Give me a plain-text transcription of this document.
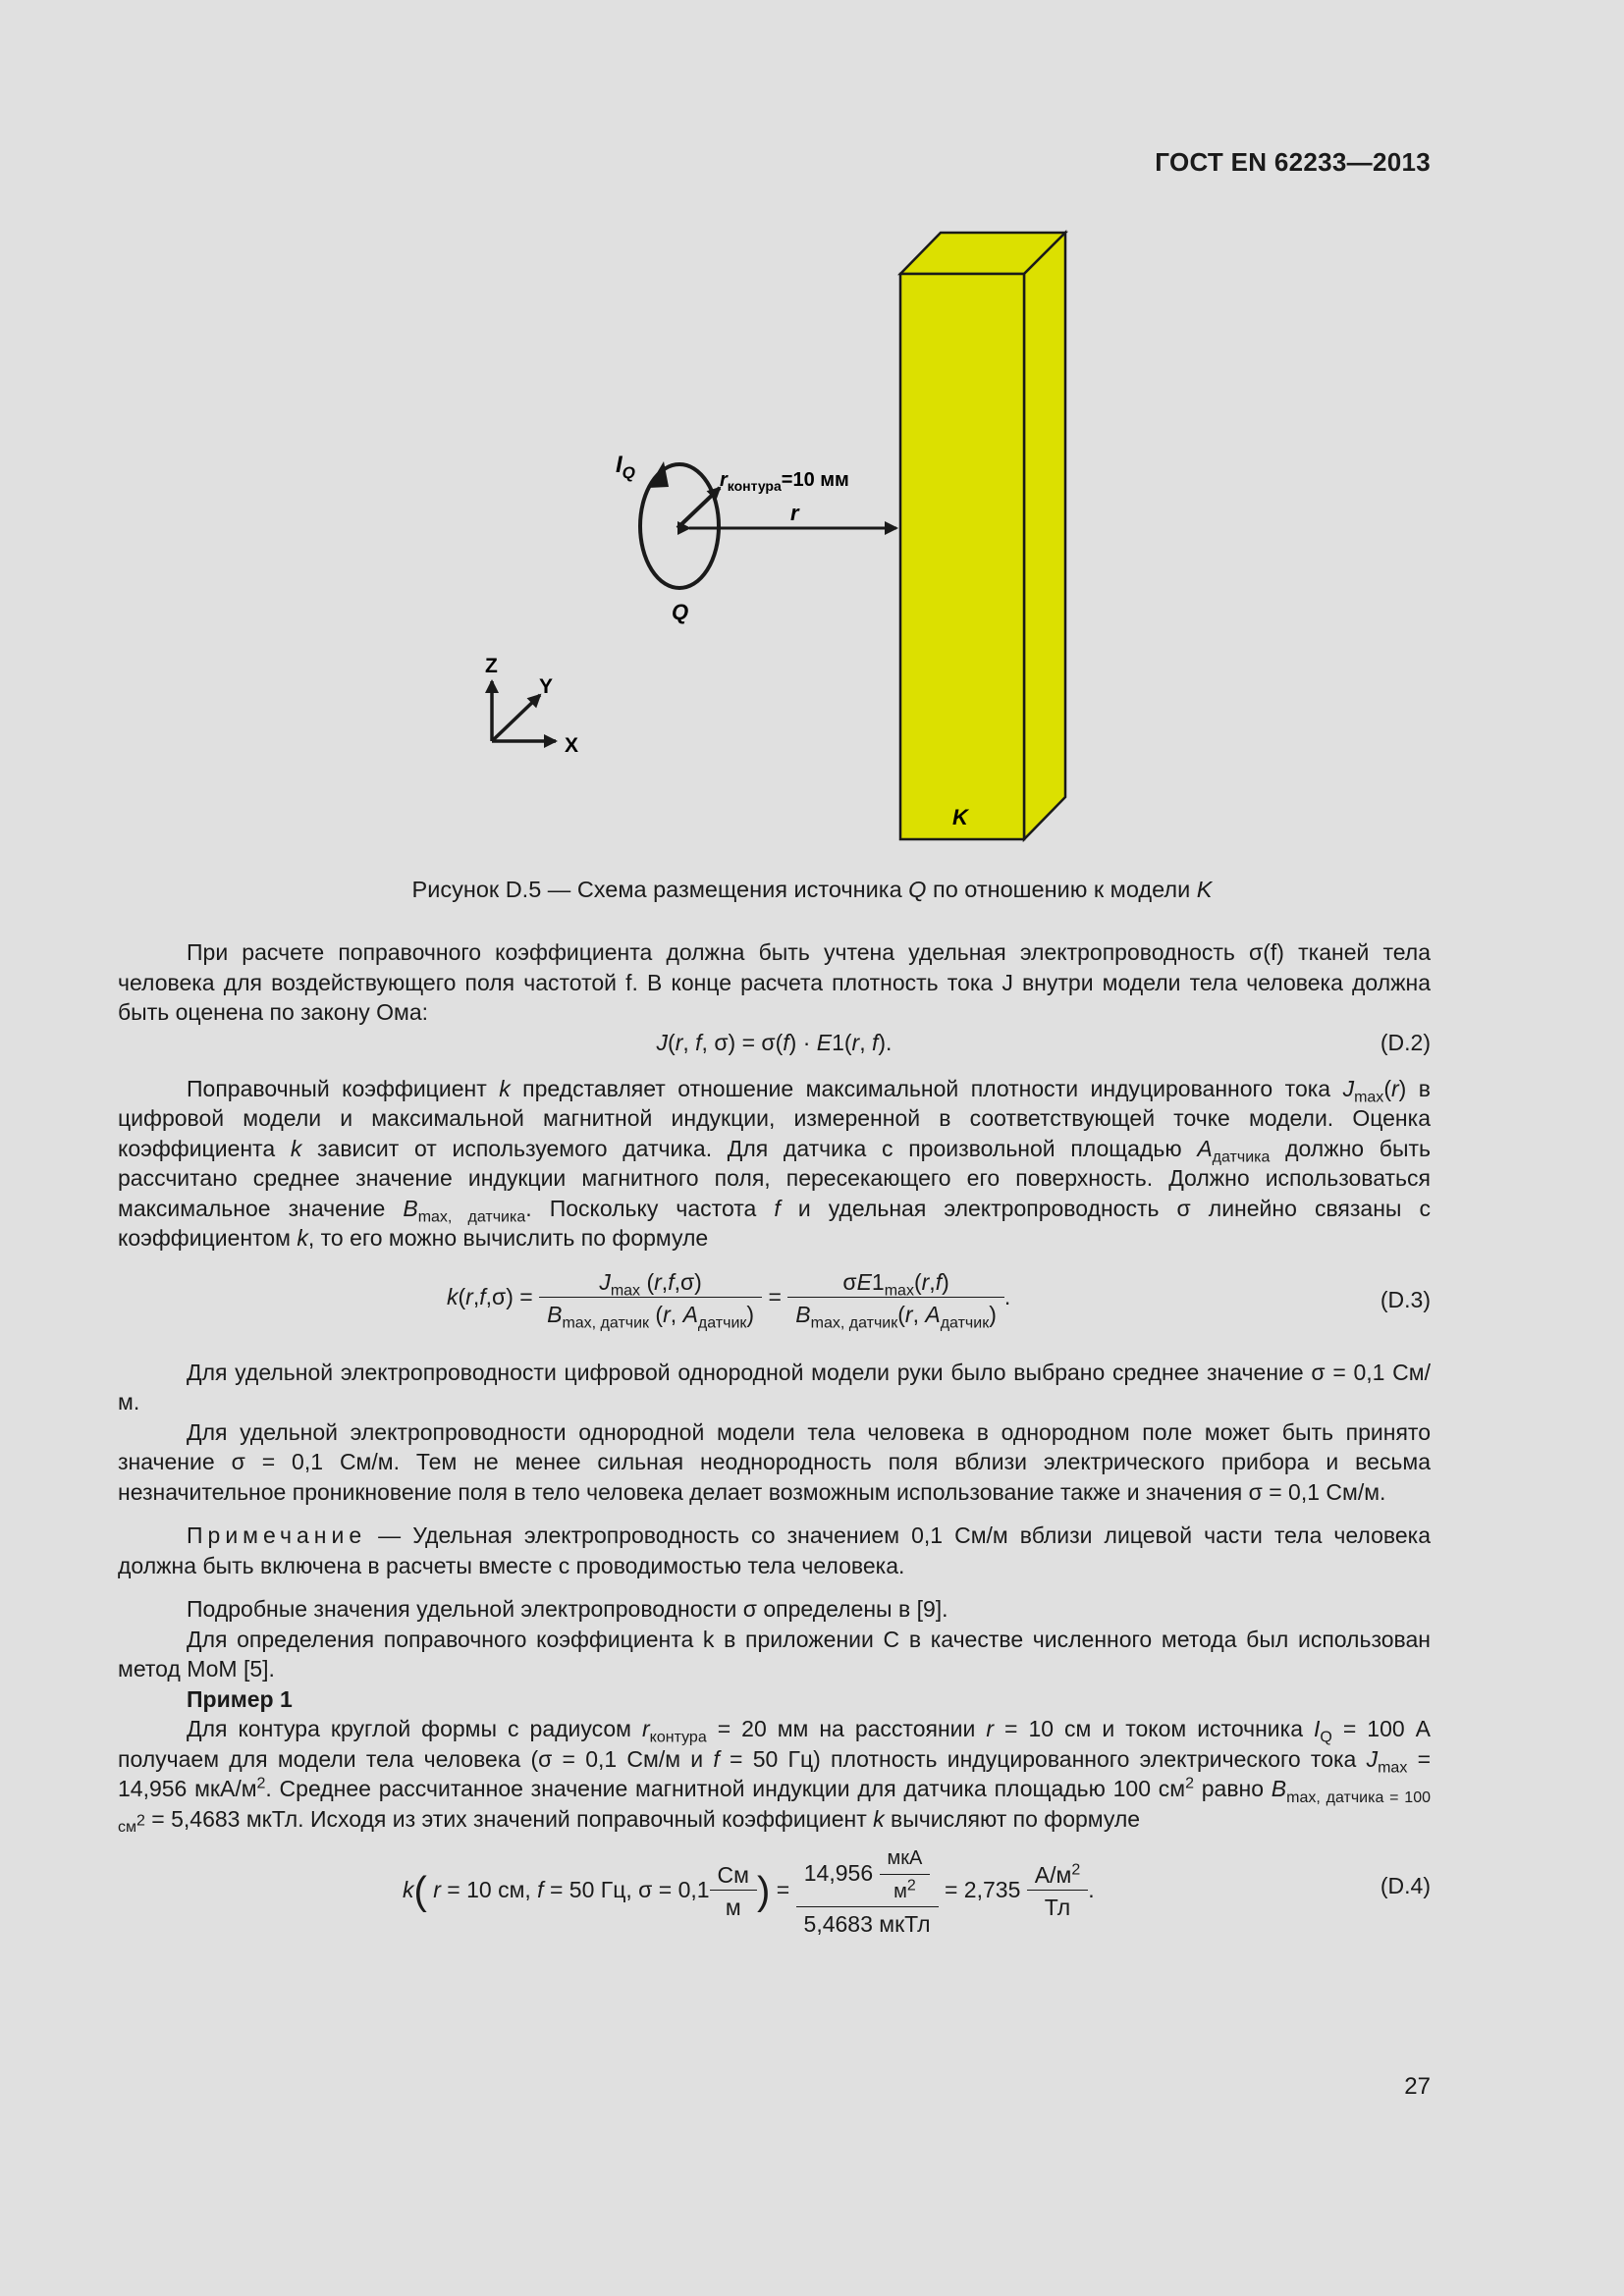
ГОСТ EN 62233—2013
K
$I_Q$	$r_{контура}=10$ мм
r
Q
Z
Y
X
Рисунок D.5 — Схема размещения источника Q по отношению к модели K

При расчете поправочного коэффициента должна быть учтена удельная электропроводность σ(f) тканей тела человека для воздействующего поля частотой f. В конце расчета плотность тока J внутри модели тела человека должна быть оценена по закону Ома:

J(r, f, σ) = σ(f) · E1(r, f).	(D.2)

Поправочный коэффициент k представляет отношение максимальной плотности индуцированного тока $J_{max}(r)$ в цифровой модели и максимальной магнитной индукции, измеренной в соответствующей точке модели. Оценка коэффициента k зависит от используемого датчика. Для датчика с произвольной площадью $A_{датчика}$ должно быть рассчитано среднее значение индукции магнитного поля, пересекающего его поверхность. Должно использоваться максимальное значение $B_{max, датчика}$. Поскольку частота f и удельная электропроводность σ линейно связаны с коэффициентом k, то его можно вычислить по формуле

$k(r,f,\sigma) = \frac{J_{max} (r,f,\sigma)}{B_{max, датчик} (r, A_{датчик})} = \frac{\sigma E1_{max}(r,f)}{B_{max, датчик}(r, A_{датчик})}$ .	(D.3)

Для удельной электропроводности цифровой однородной модели руки было выбрано среднее значение σ = 0,1 См/м.

Для удельной электропроводности однородной модели тела человека в однородном поле может быть принято значение σ = 0,1 См/м. Тем не менее сильная неоднородность поля вблизи электрического прибора и весьма незначительное проникновение поля в тело человека делает возможным использование также и значения σ = 0,1 См/м.

Примечание — Удельная электропроводность со значением 0,1 См/м вблизи лицевой части тела человека должна быть включена в расчеты вместе с проводимостью тела человека.

Подробные значения удельной электропроводности σ определены в [9].

Для определения поправочного коэффициента k в приложении С в качестве численного метода был использован метод МоМ [5].

Пример 1

Для контура круглой формы с радиусом $r_{контура} = 20$ мм на расстоянии r = 10 см и током источника $I_Q = 100$ А получаем для модели тела человека (σ = 0,1 См/м и f = 50 Гц) плотность индуцированного электрического тока $J_{max} = 14,956$ мкА/$м^2$. Среднее рассчитанное значение магнитной индукции для датчика площадью 100 $см^2$ равно $B_{max, датчика = 100 см^2} = 5,4683$ мкТл. Исходя из этих значений поправочный коэффициент k вычисляют по формуле

k( r = 10 см, f = 50 Гц, $\sigma = 0,1 \frac{См}{м}$ ) = $\frac{14,956 \frac{\text{мкА}}{м^2}}{\text{5,4683 мкТл}} = 2,735 \frac{А/м^2}{Тл}$ .	(D.4)
27
